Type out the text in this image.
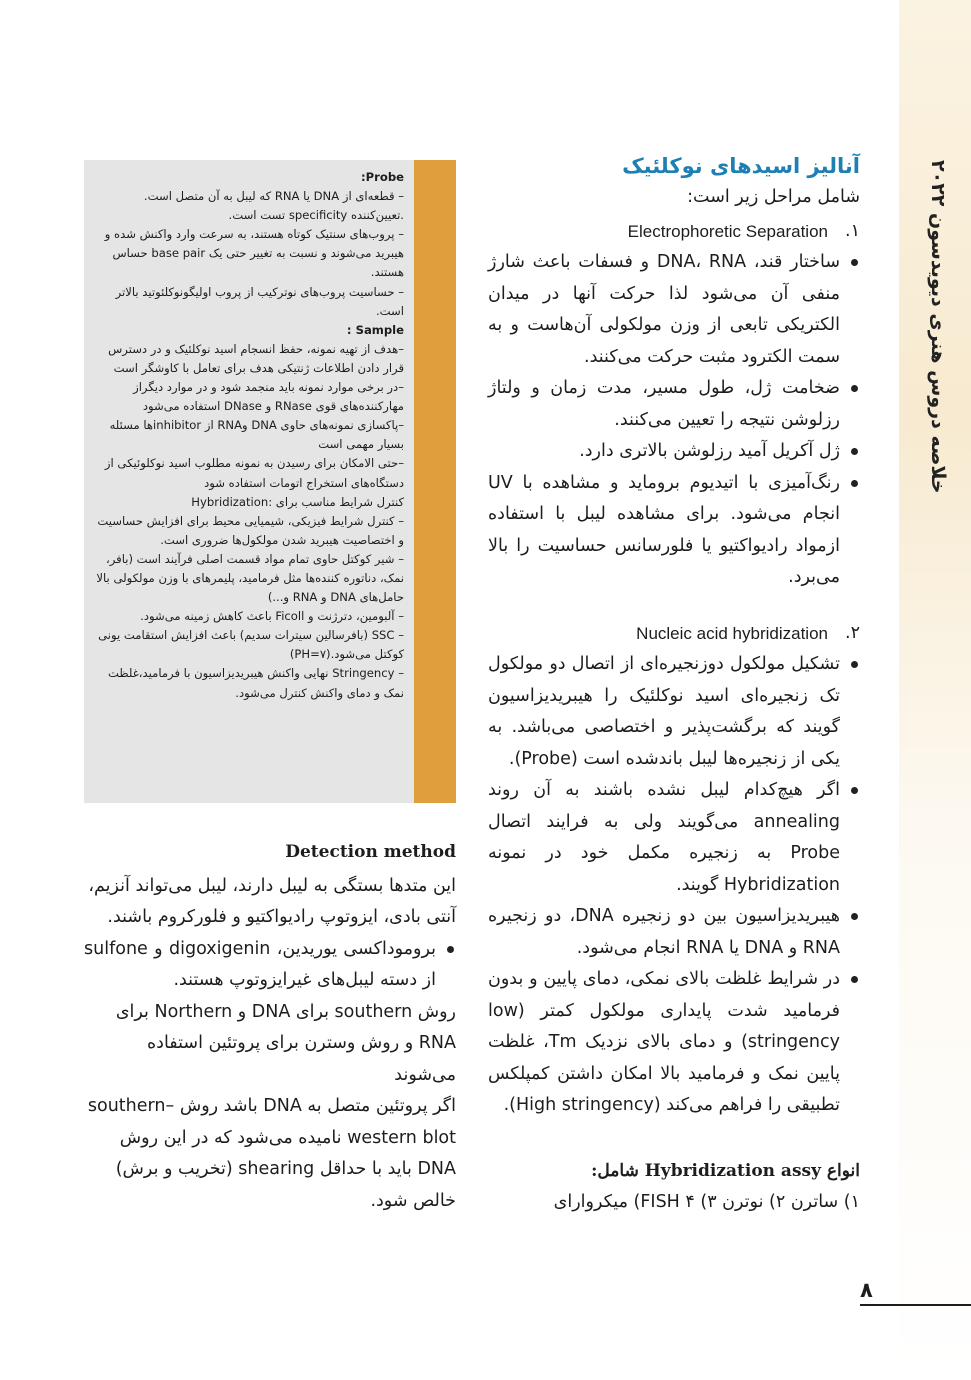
خلاصه دروس هنری دیویدسون ۲۰۲۲

آنالیز اسیدهای نوکلئیک

شامل مراحل زیر است:

۱.
Electrophoretic Separation
ساختار قند، DNA، RNA و فسفات باعث شارژ منفی آن می‌شود لذا حرکت آنها در میدان الکتریکی تابعی از وزن مولکولی آن‌هاست و به سمت الکترود مثبت حرکت می‌کنند.
ضخامت ژل، طول مسیر، مدت زمان و ولتاژ رزلوشن نتیجه را تعیین می‌کنند.
ژل آکریل آمید رزلوشن بالاتری دارد.
رنگ‌آمیزی با اتیدیوم بروماید و مشاهده با UV انجام می‌شود. برای مشاهده لیبل با استفاده ازمواد رادیواکتیو یا فلورسانس حساسیت را بالا می‌برد.
۲.
Nucleic acid hybridization
تشکیل مولکول دوزنجیره‌ای از اتصال دو مولکول تک زنجیره‌ای اسید نوکلئیک را هیبریدیزاسیون گویند که برگشت‌پذیر و اختصاصی می‌باشد. به یکی از زنجیره‌ها لیبل باندشده است (Probe).
اگر هیچ‌کدام لیبل نشده باشند به آن روند annealing می‌گویند ولی به فرایند اتصال Probe به زنجیره مکمل خود در نمونه Hybridization گویند.
هیبریدیزاسیون بین دو زنجیره DNA، دو زنجیره RNA و DNA یا RNA انجام می‌شود.
در شرایط غلظت بالای نمکی، دمای پایین و بدون فرمامید شدت پایداری مولکول کمتر (low stringency) و دمای بالای نزدیک Tm، غلظت پایین نمک و فرمامید بالا امکان داشتن کمپلکس تطبیقی را فراهم می‌کند (High stringency).

انواع Hybridization assy شامل:

۱) ساترن ۲) نوترن ۳) FISH ۴) میکروارای

Probe:

– قطعه‌ای از DNA یا RNA که لیبل به آن متصل است.

.تعیین‌کننده specificity تست است.

– پروب‌های سنتیک کوتاه هستند، به سرعت وارد واکنش شده و هیبرید می‌شوند و نسبت به تغییر حتی یک base pair حساس هستند.

– حساسیت پروب‌های نوترکیب از پروب اولیگونوکلئوتید بالاتر است.

Sample :

–هدف از تهیه نمونه، حفظ انسجام اسید نوکلئیک و در دسترس قرار دادن اطلاعات ژنتیکی هدف برای تعامل با کاوشگر است

–در برخی موارد نمونه باید منجمد شود و در موارد دیگراز مهارکننده‌های قوی RNase و DNase استفاده می‌شود

–پاکسازی نمونه‌های حاوی DNA وRNA از inhibitorها مسئله بسیار مهمی است

–حتی الامکان برای رسیدن به نمونه مطلوب اسید نوکلوئیکی از دستگاه‌های استخراج اتومات استفاده شود

کنترل شرایط مناسب برای :Hybridization

– کنترل شرایط فیزیکی، شیمیایی محیط برای افزایش حساسیت و اختصاصیت هیبرید شدن مولکول‌ها ضروری است.

– شیر کوکتل حاوی تمام مواد قسمت اصلی فرآیند است (بافر، نمک، دناتوره کننده‌ها مثل فرمامید، پلیمرهای با وزن مولکولی بالا حامل‌های DNA و RNA و...)

– آلبومین، دترژنت و Ficoll باعث کاهش زمینه می‌شود.

– SSC (بافرسالین سیترات سدیم) باعث افزایش استقامت یونی کوکتل می‌شود.(PH=۷)

– Stringency نهایی واکنش هیبریدیزاسیون با فرمامید،غلظت نمک و دمای واکنش کنترل می‌شود.

Detection method

این متدها بستگی به لیبل دارند، لیبل می‌تواند آنزیم، آنتی بادی، ایزوتوپ رادیواکتیو و فلورکروم باشند.

بروموداکسی یوریدین، digoxigenin و sulfone از دسته لیبل‌های غیرایزوتوپ هستند.

روش southern برای DNA و Northern برای RNA و روش وسترن برای پروتئین استفاده می‌شوند

اگر پروتئین متصل به DNA باشد روش southern–western blot نامیده می‌شود که در این روش DNA باید با حداقل shearing (تخریب و برش) خالص شود.

۸
